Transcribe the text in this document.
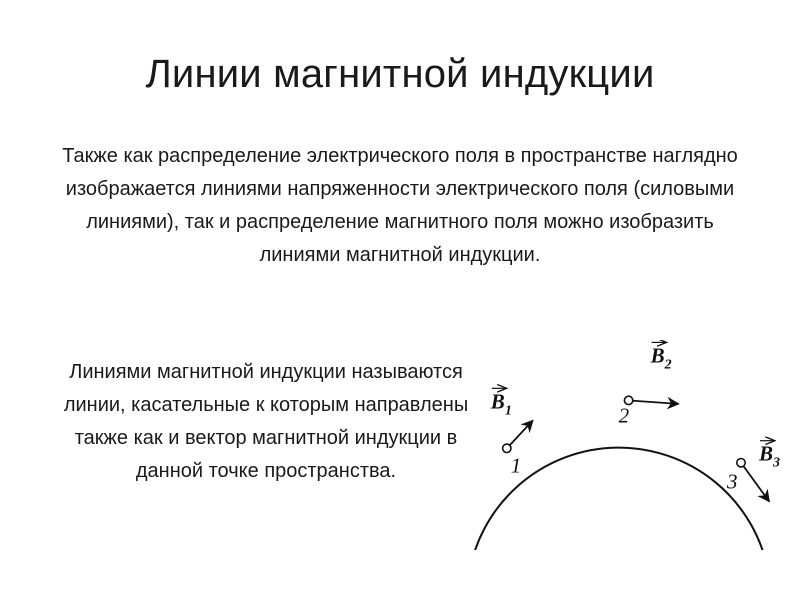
Линии магнитной индукции

Также как распределение электрического поля в пространстве наглядно изображается линиями напряженности электрического поля (силовыми линиями), так и распределение магнитного поля можно изобразить линиями магнитной индукции.

Линиями магнитной индукции называются линии, касательные к которым направлены также как и вектор магнитной индукции в данной точке пространства.	1
$B_1$	2
$B_2$
3
$B_3$
